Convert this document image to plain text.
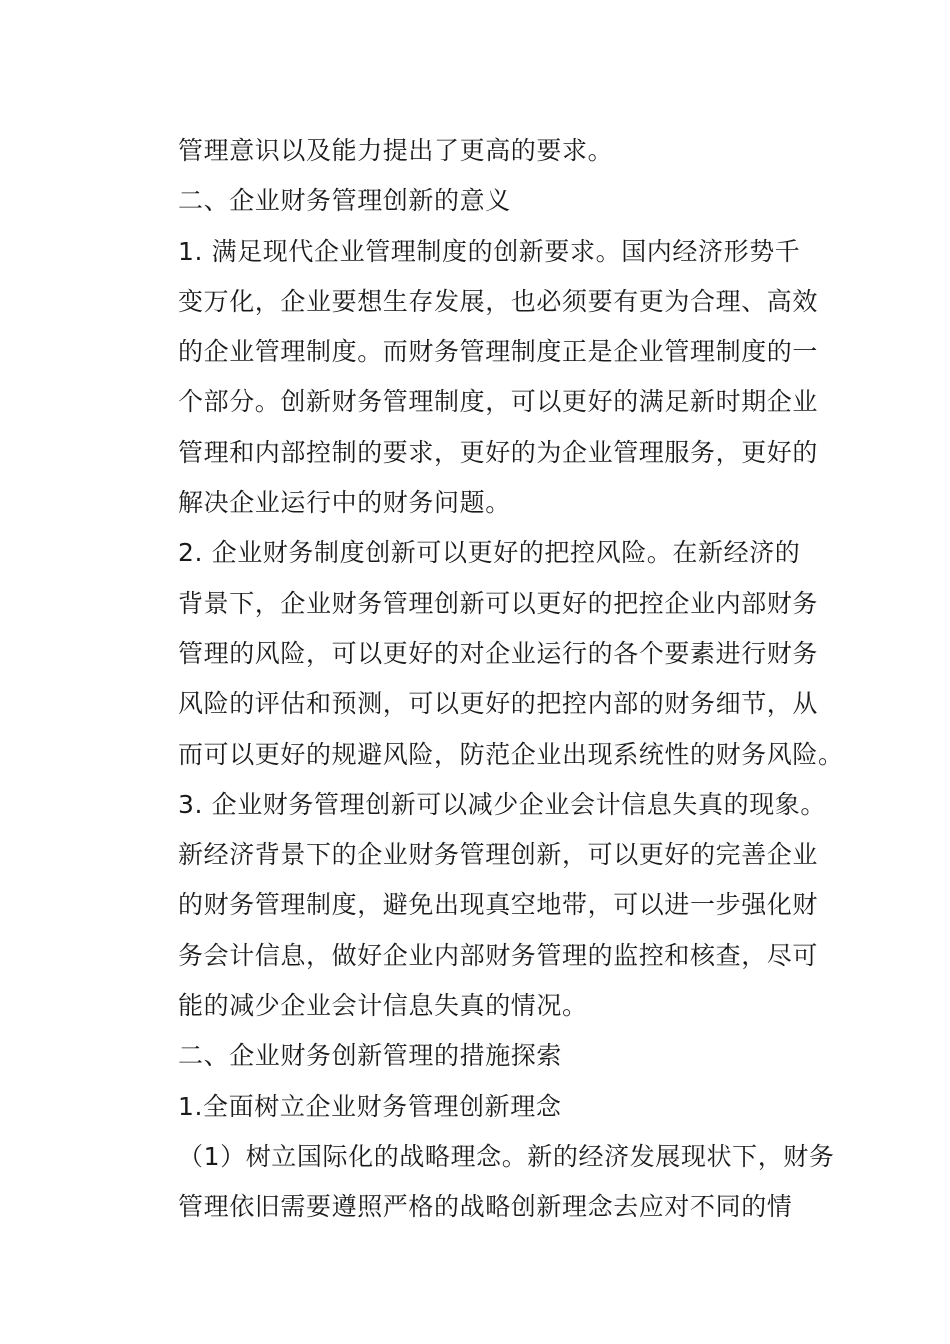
管理意识以及能力提出了更高的要求。
二、企业财务管理创新的意义
1. 满足现代企业管理制度的创新要求。国内经济形势千
变万化，企业要想生存发展，也必须要有更为合理、高效
的企业管理制度。而财务管理制度正是企业管理制度的一
个部分。创新财务管理制度，可以更好的满足新时期企业
管理和内部控制的要求，更好的为企业管理服务，更好的
解决企业运行中的财务问题。
2. 企业财务制度创新可以更好的把控风险。在新经济的
背景下，企业财务管理创新可以更好的把控企业内部财务
管理的风险，可以更好的对企业运行的各个要素进行财务
风险的评估和预测，可以更好的把控内部的财务细节，从
而可以更好的规避风险，防范企业出现系统性的财务风险。
3. 企业财务管理创新可以减少企业会计信息失真的现象。
新经济背景下的企业财务管理创新，可以更好的完善企业
的财务管理制度，避免出现真空地带，可以进一步强化财
务会计信息，做好企业内部财务管理的监控和核查，尽可
能的减少企业会计信息失真的情况。
二、企业财务创新管理的措施探索
1.全面树立企业财务管理创新理念
（1）树立国际化的战略理念。新的经济发展现状下，财务
管理依旧需要遵照严格的战略创新理念去应对不同的情
